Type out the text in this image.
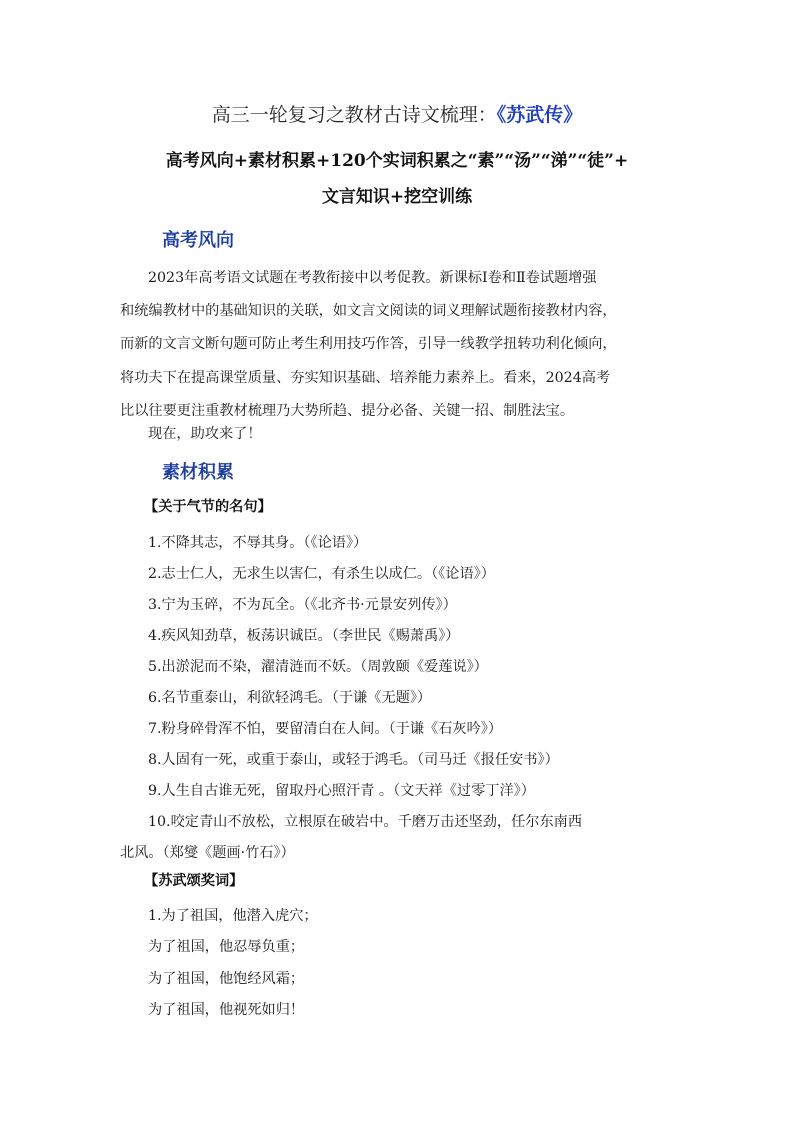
高三一轮复习之教材古诗文梳理：《苏武传》
高考风向+素材积累+120个实词积累之“素”“汤”“涕”“徒”+
文言知识+挖空训练
高考风向
2023年高考语文试题在考教衔接中以考促教。新课标Ⅰ卷和Ⅱ卷试题增强
和统编教材中的基础知识的关联，如文言文阅读的词义理解试题衔接教材内容，
而新的文言文断句题可防止考生利用技巧作答，引导一线教学扭转功利化倾向，
将功夫下在提高课堂质量、夯实知识基础、培养能力素养上。看来，2024高考
比以往要更注重教材梳理乃大势所趋、提分必备、关键一招、制胜法宝。
现在，助攻来了！
素材积累
【关于气节的名句】
1.不降其志，不辱其身。（《论语》）
2.志士仁人，无求生以害仁，有杀生以成仁。（《论语》）
3.宁为玉碎，不为瓦全。（《北齐书·元景安列传》）
4.疾风知劲草，板荡识诚臣。（李世民《赐萧禹》）
5.出淤泥而不染，濯清涟而不妖。（周敦颐《爱莲说》）
6.名节重泰山，利欲轻鸿毛。（于谦《无题》）
7.粉身碎骨浑不怕，要留清白在人间。（于谦《石灰吟》）
8.人固有一死，或重于泰山，或轻于鸿毛。（司马迁《报任安书》）
9.人生自古谁无死，留取丹心照汗青 。（文天祥《过零丁洋》）
10.咬定青山不放松，立根原在破岩中。千磨万击还坚劲，任尔东南西
北风。（郑燮《题画·竹石》）
【苏武颂奖词】
1.为了祖国，他潜入虎穴；
为了祖国，他忍辱负重；
为了祖国，他饱经风霜；
为了祖国，他视死如归！
